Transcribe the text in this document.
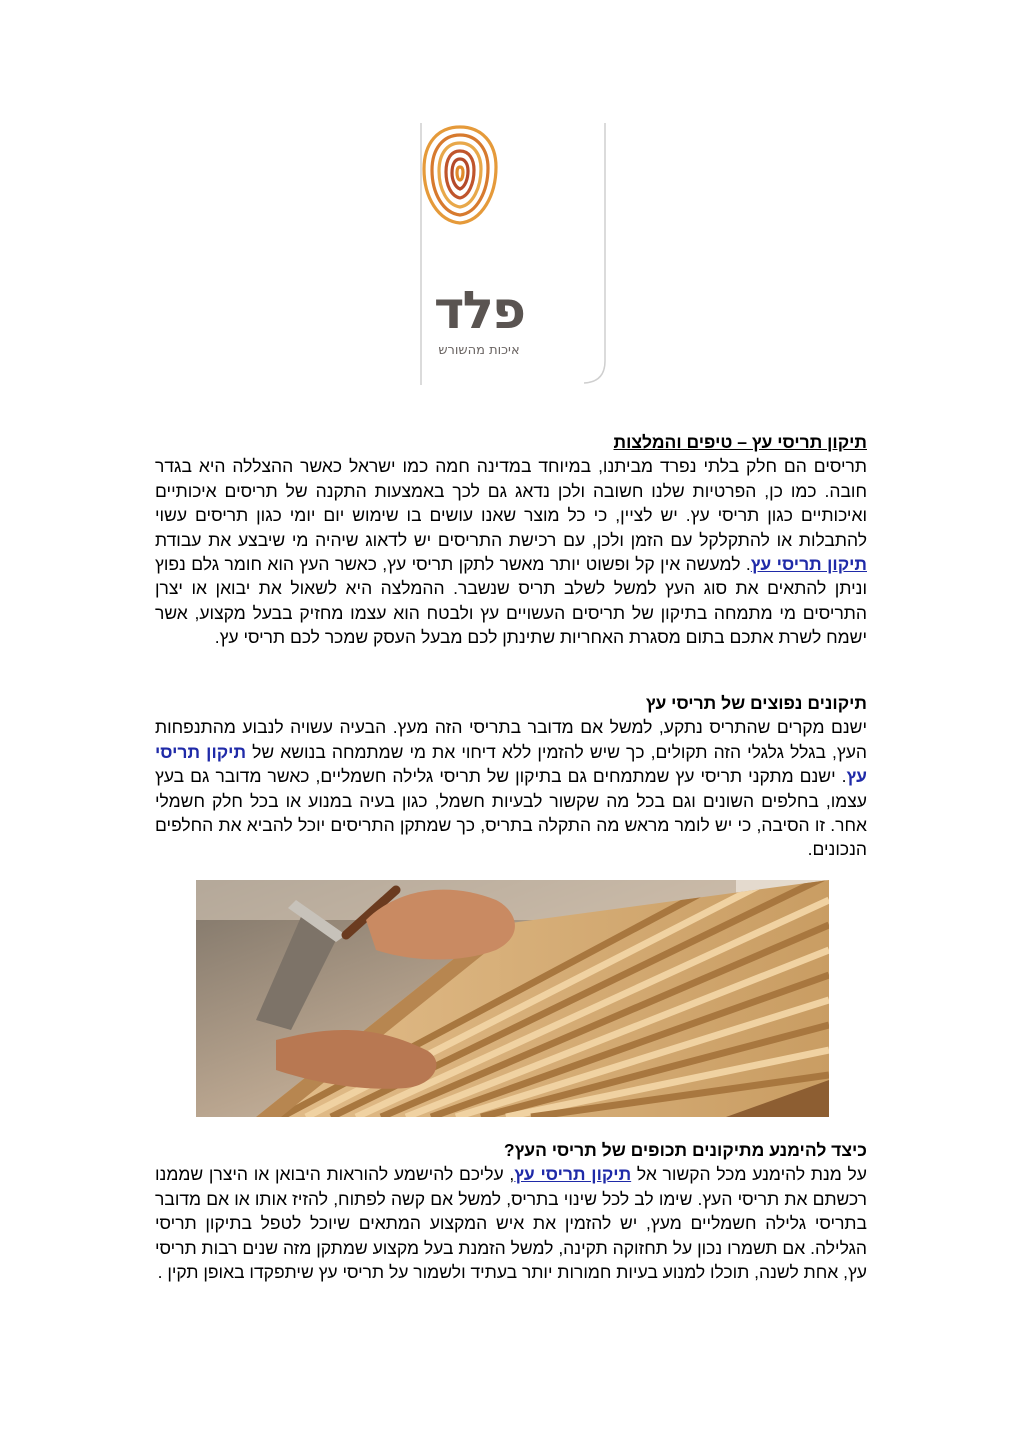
פלד
איכות מהשורש

תיקון תריסי עץ – טיפים והמלצות

תריסים הם חלק בלתי נפרד מביתנו, במיוחד במדינה חמה כמו ישראל כאשר ההצללה היא בגדר חובה. כמו כן, הפרטיות שלנו חשובה ולכן נדאג גם לכך באמצעות התקנה של תריסים איכותיים ואיכותיים כגון תריסי עץ. יש לציין, כי כל מוצר שאנו עושים בו שימוש יום יומי כגון תריסים עשוי להתבלות או להתקלקל עם הזמן ולכן, עם רכישת התריסים יש לדאוג שיהיה מי שיבצע את עבודת תיקון תריסי עץ. למעשה אין קל ופשוט יותר מאשר לתקן תריסי עץ, כאשר העץ הוא חומר גלם נפוץ וניתן להתאים את סוג העץ למשל לשלב תריס שנשבר. ההמלצה היא לשאול את יבואן או יצרן התריסים מי מתמחה בתיקון של תריסים העשויים עץ ולבטח הוא עצמו מחזיק בבעל מקצוע, אשר ישמח לשרת אתכם בתום מסגרת האחריות שתינתן לכם מבעל העסק שמכר לכם תריסי עץ.

תיקונים נפוצים של תריסי עץ

ישנם מקרים שהתריס נתקע, למשל אם מדובר בתריסי הזה מעץ. הבעיה עשויה לנבוע מהתנפחות העץ, בגלל גלגלי הזה תקולים, כך שיש להזמין ללא דיחוי את מי שמתמחה בנושא של תיקון תריסי עץ. ישנם מתקני תריסי עץ שמתמחים גם בתיקון של תריסי גלילה חשמליים, כאשר מדובר גם בעץ עצמו, בחלפים השונים וגם בכל מה שקשור לבעיות חשמל, כגון בעיה במנוע או בכל חלק חשמלי אחר. זו הסיבה, כי יש לומר מראש מה התקלה בתריס, כך שמתקן התריסים יוכל להביא את החלפים הנכונים.

כיצד להימנע מתיקונים תכופים של תריסי העץ?

על מנת להימנע מכל הקשור אל תיקון תריסי עץ, עליכם להישמע להוראות היבואן או היצרן שממנו רכשתם את תריסי העץ. שימו לב לכל שינוי בתריס, למשל אם קשה לפתוח, להזיז אותו או אם מדובר בתריסי גלילה חשמליים מעץ, יש להזמין את איש המקצוע המתאים שיוכל לטפל בתיקון תריסי הגלילה. אם תשמרו נכון על תחזוקה תקינה, למשל הזמנת בעל מקצוע שמתקן מזה שנים רבות תריסי עץ, אחת לשנה, תוכלו למנוע בעיות חמורות יותר בעתיד ולשמור על תריסי עץ שיתפקדו באופן תקין .
